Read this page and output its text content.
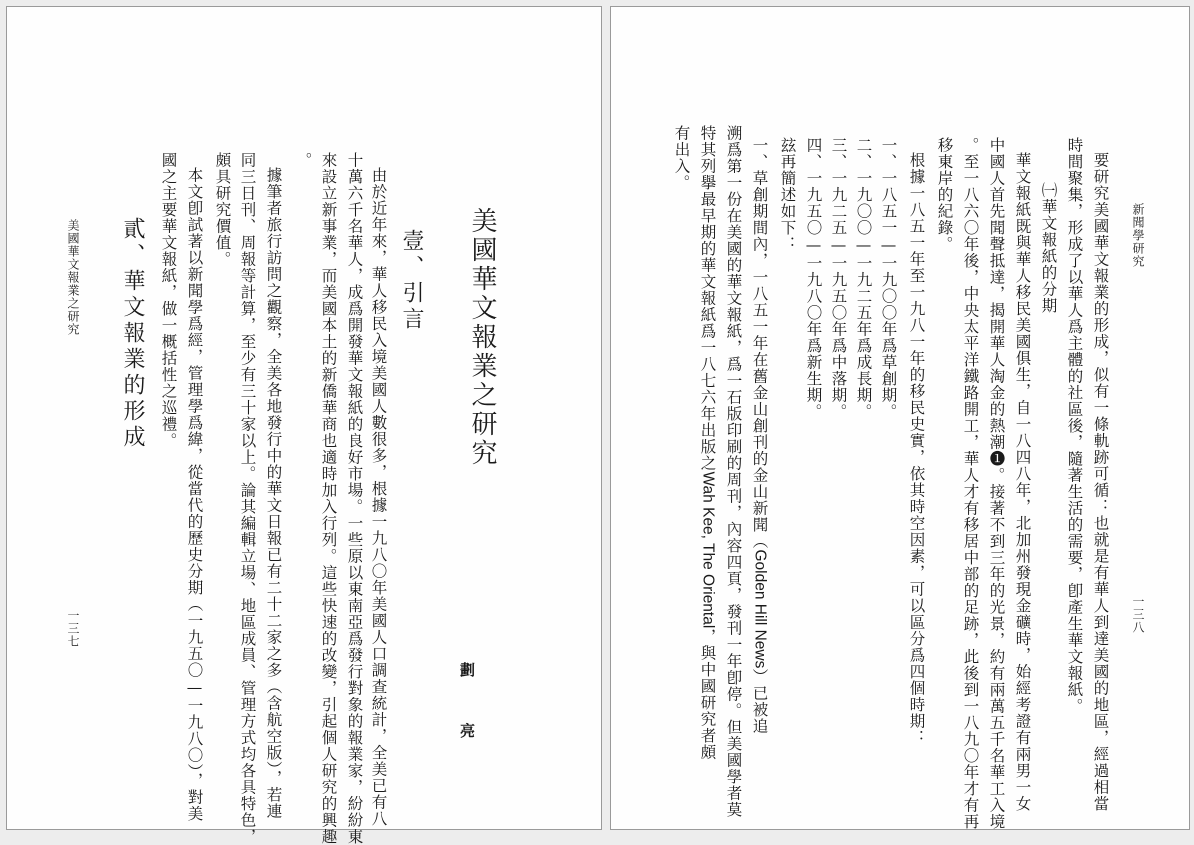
美國華文報業之研究
劃 亮
壹、引言
由於近年來，華人移民入境美國人數很多，根據一九八〇年美國人口調查統計，全美已有八
十萬六千名華人，成爲開發華文報紙的良好市場。一些原以東南亞爲發行對象的報業家，紛紛東
來設立新事業，而美國本土的新僑華商也適時加入行列。這些快速的改變，引起個人研究的興趣
。
據筆者旅行訪問之觀察，全美各地發行中的華文日報已有二十二家之多（含航空版），若連
同三日刊、周報等計算，至少有三十家以上。論其編輯立場、地區成員、管理方式均各具特色，
頗具研究價值。
本文卽試著以新聞學爲經，管理學爲緯，從當代的歷史分期（一九五〇—一九八〇），對美
國之主要華文報紙，做一概括性之巡禮。
貳、華文報業的形成
美國華文報業之研究
一三七
新聞學研究
一三八
要研究美國華文報業的形成，似有一條軌跡可循：也就是有華人到達美國的地區，經過相當
時間聚集，形成了以華人爲主體的社區後，隨著生活的需要，卽產生華文報紙。
㈠華文報紙的分期
華文報紙既與華人移民美國俱生，自一八四八年，北加州發現金礦時，始經考證有兩男一女
中國人首先聞聲抵達，揭開華人淘金的熱潮❶。接著不到三年的光景，約有兩萬五千名華工入境
。至一八六〇年後，中央太平洋鐵路開工，華人才有移居中部的足跡，此後到一八九〇年才有再
移東岸的紀錄。
根據一八五一年至一九八一年的移民史實，依其時空因素，可以區分爲四個時期：
一、一八五一—一九〇〇年爲草創期。
二、一九〇〇—一九二五年爲成長期。
三、一九二五—一九五〇年爲中落期。
四、一九五〇—一九八〇年爲新生期。
玆再簡述如下：
一、草創期間內，一八五一年在舊金山創刊的金山新聞（Golden Hill News）已被追
溯爲第一份在美國的華文報紙，爲一石版印刷的周刊，內容四頁，發刊一年卽停。但美國學者莫
特其列擧最早期的華文報紙爲一八七六年出版之Wah Kee, The Oriental，與中國研究者頗
有出入。
